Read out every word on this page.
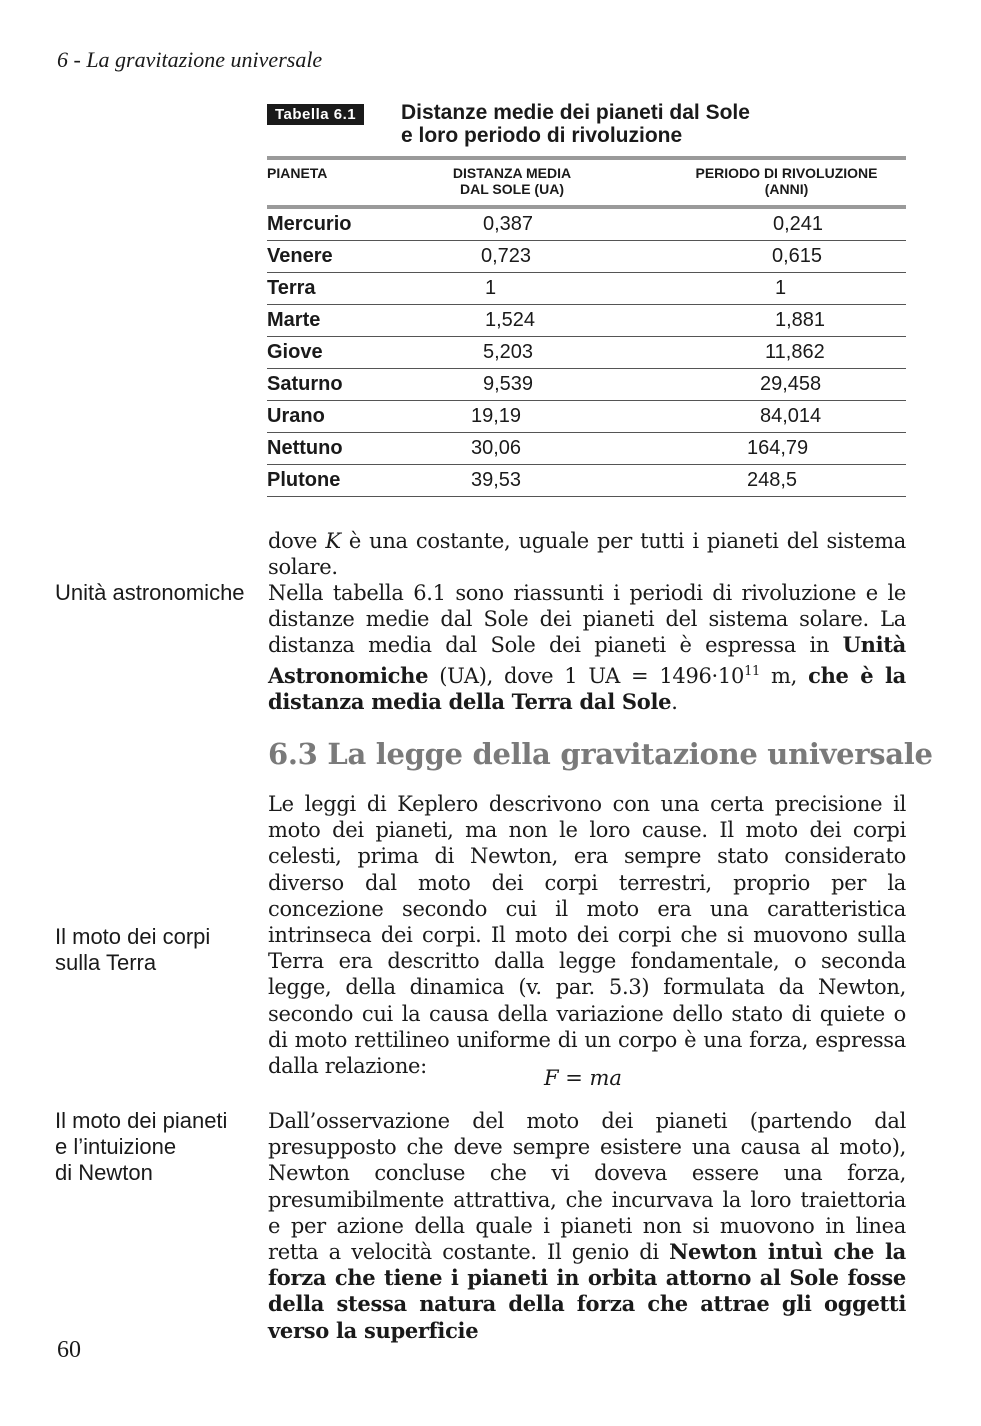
6 - La gravitazione universale
Tabella 6.1	Distanze medie dei pianeti dal Sole
e loro periodo di rivoluzione
PIANETA	DISTANZA MEDIA
DAL SOLE (UA)
PERIODO DI RIVOLUZIONE
(ANNI)
Mercurio	0,387	0,241
Venere	0,723	0,615
Terra	1	1
Marte	1,524	1,881
Giove	5,203	11,862
Saturno	9,539	29,458
Urano	19,19	84,014
Nettuno	30,06	164,79
Plutone	39,53	248,5
dove K è una costante, uguale per tutti i pianeti del sistema solare.
Unità astronomiche	Nella tabella 6.1 sono riassunti i periodi di rivoluzione e le distanze medie dal Sole dei pianeti del sistema solare. La distanza media dal Sole dei pianeti è espressa in Unità Astronomiche (UA), dove 1 UA = $1496\cdot 10^{11}$ m, che è la distanza media della Terra dal Sole.
6.3 La legge della gravitazione universale
Le leggi di Keplero descrivono con una certa precisione il moto dei pianeti, ma non le loro cause. Il moto dei corpi celesti, prima di Newton, era sempre stato considerato diverso dal moto dei corpi terrestri, proprio per la concezione secondo cui il moto era una caratteristica intrinseca dei corpi. Il moto dei corpi che si muovono sulla Terra era descritto dalla legge fondamentale, o seconda legge, della dinamica (v. par. 5.3) formulata da Newton, secondo cui la causa della variazione dello stato di quiete o di moto rettilineo uniforme di un corpo è una forza, espressa dalla relazione:
Il moto dei corpi
sulla Terra
F = ma
Il moto dei pianeti
e l’intuizione
di Newton
Dall’osservazione del moto dei pianeti (partendo dal presupposto che deve sempre esistere una causa al moto), Newton concluse che vi doveva essere una forza, presumibilmente attrattiva, che incurvava la loro traiettoria e per azione della quale i pianeti non si muovono in linea retta a velocità costante. Il genio di Newton intuì che la forza che tiene i pianeti in orbita attorno al Sole fosse della stessa natura della forza che attrae gli oggetti verso la superficie
60
